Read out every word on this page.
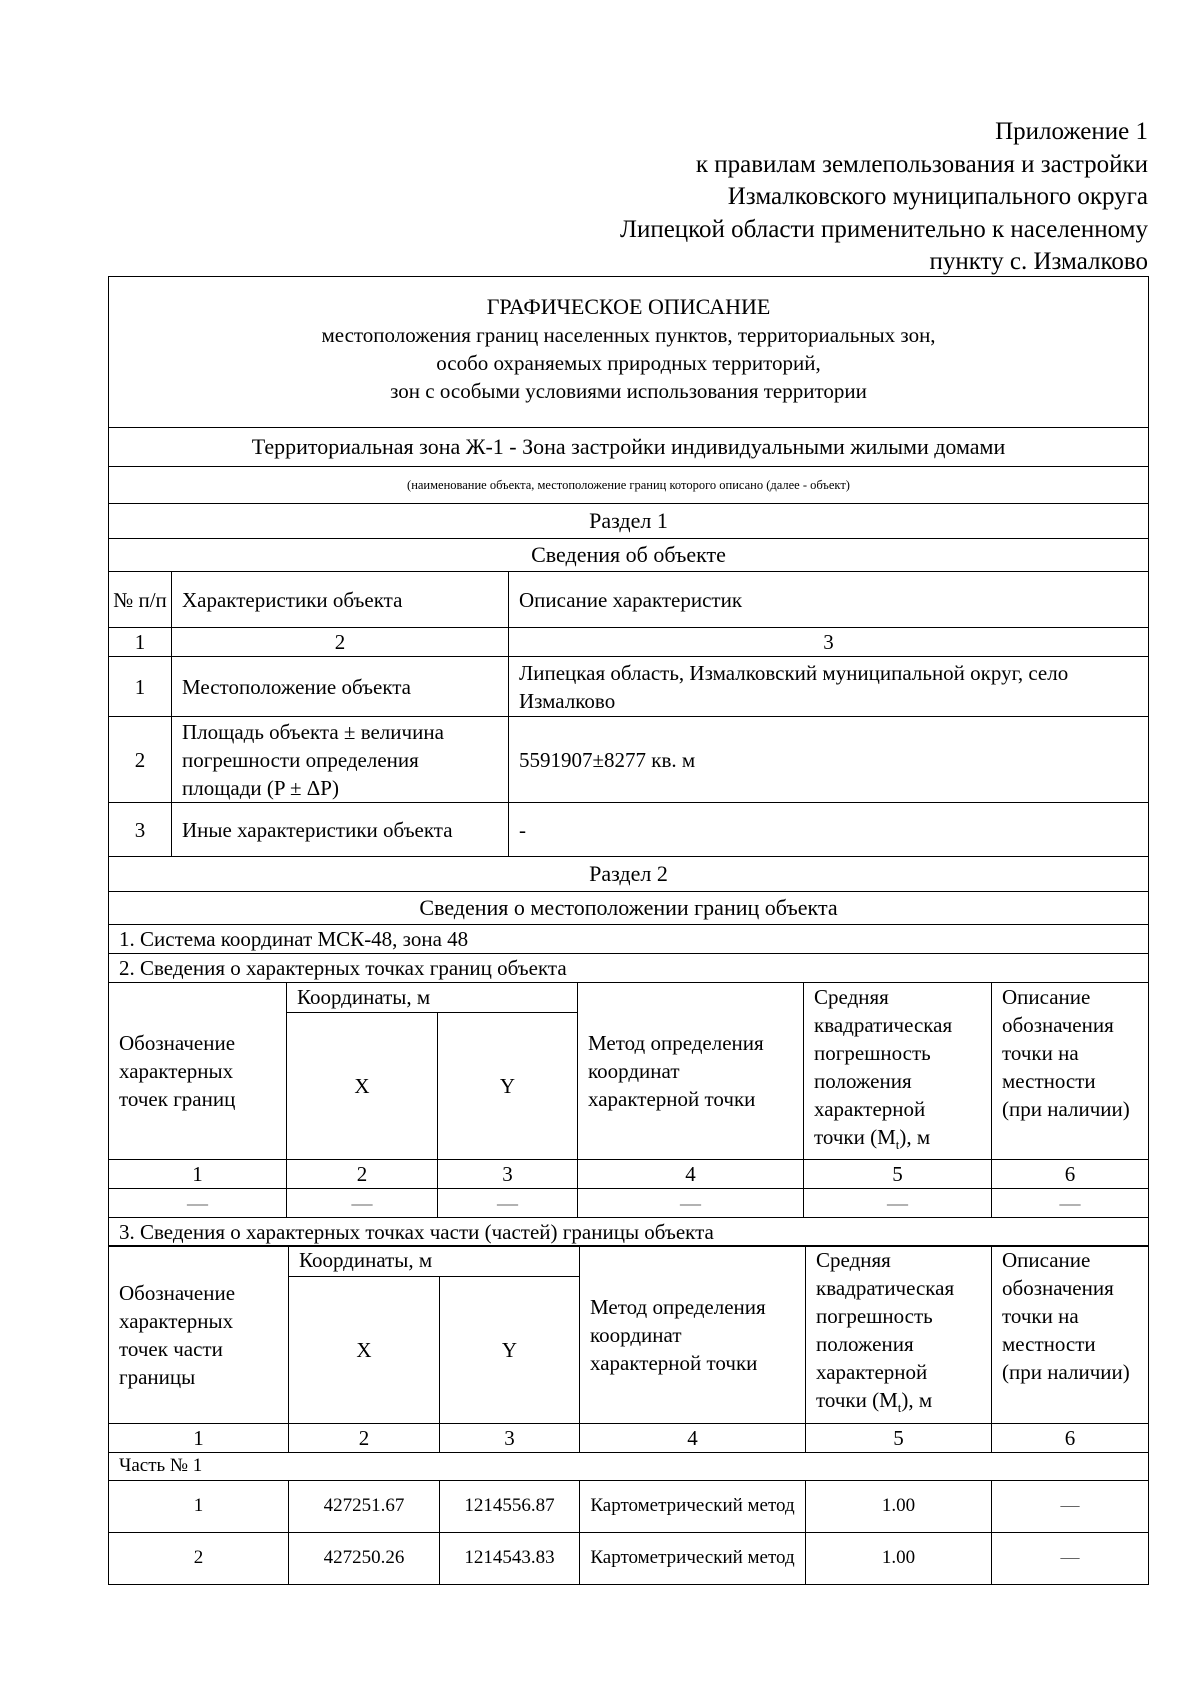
Приложение 1
к правилам землепользования и застройки
Измалковского муниципального округа
Липецкой области применительно к населенному
пункту с. Измалково
ГРАФИЧЕСКОЕ ОПИСАНИЕ
местоположения границ населенных пунктов, территориальных зон,
особо охраняемых природных территорий,
зон с особыми условиями использования территории		

Территориальная зона Ж-1 - Зона застройки индивидуальными жилыми домами		
(наименование объекта, местоположение границ которого описано (далее - объект)		
Раздел 1		
Сведения об объекте		
№ п/п	Характеристики объекта	Описание характеристик
1	2	3
1	Местоположение объекта	Липецкая область, Измалковский муниципальной округ, село Измалково
2	Площадь объекта ± величина погрешности определения площади (P ± ΔP)	5591907±8277 кв. м
3	Иные характеристики объекта	-
Раздел 2		
Сведения о местоположении границ объекта		
1. Система координат МСК-48, зона 48		
2. Сведения о характерных точках границ объекта		
Обозначение характерных точек границ	Координаты, м		Метод определения координат характерной точки	Средняя квадратическая погрешность положения характерной точки $(M_t)$, м	Описание обозначения точки на местности (при наличии)
	X	Y			
1	2	3	4	5	6
—	—	—	—	—	—
3. Сведения о характерных точках части (частей) границы объекта					
Обозначение характерных точек части границы	Координаты, м		Метод определения координат характерной точки	Средняя квадратическая погрешность положения характерной точки $(M_t)$, м	Описание обозначения точки на местности (при наличии)
	X	Y			
1	2	3	4	5	6
Часть № 1					
1	427251.67	1214556.87	Картометрический метод	1.00	—
2	427250.26	1214543.83	Картометрический метод	1.00	—
